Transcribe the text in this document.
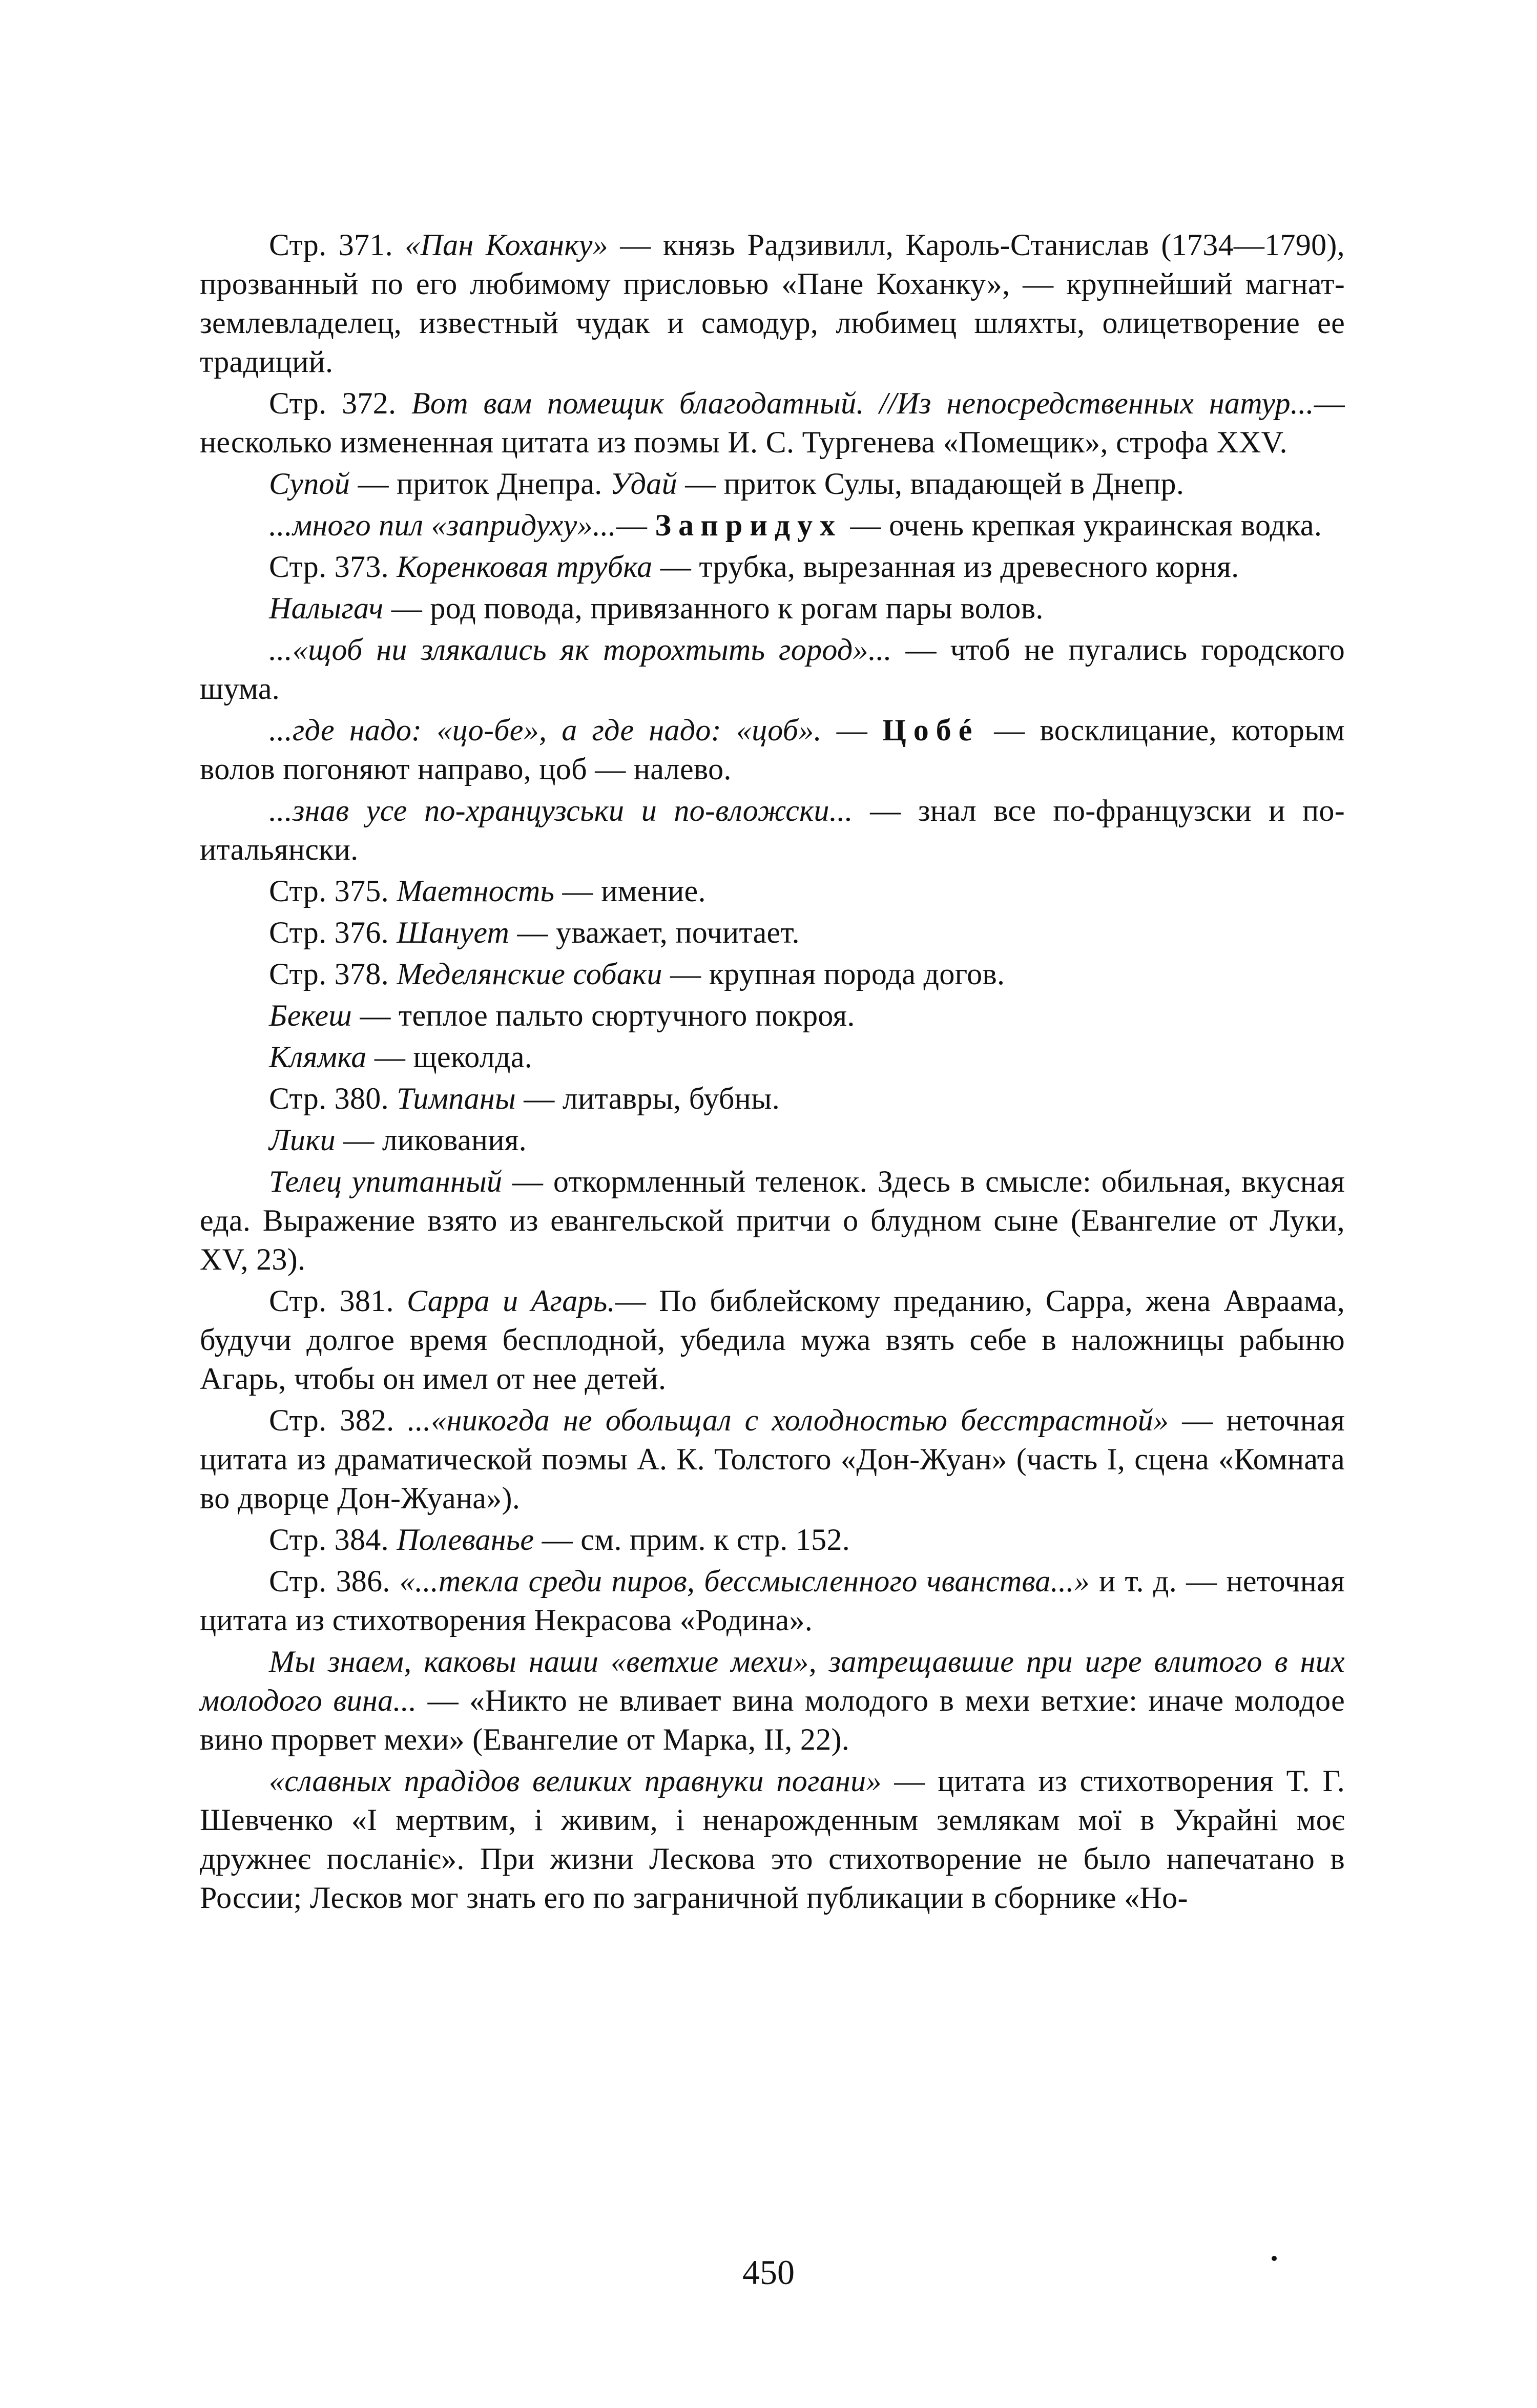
Стр. 371. «Пан Коханку» — князь Радзивилл, Кароль-Станислав (1734—1790), прозванный по его любимому присловью «Пане Коханку», — крупнейший магнат-землевладелец, известный чудак и самодур, любимец шляхты, олицетворение ее традиций.

Стр. 372. Вот вам помещик благодатный. //Из непосредственных натур...— несколько измененная цитата из поэмы И. С. Тургенева «Помещик», строфа XXV.

Супой — приток Днепра. Удай — приток Сулы, впадающей в Днепр.

...много пил «запридуху»...— Запридух — очень крепкая украинская водка.

Стр. 373. Коренковая трубка — трубка, вырезанная из древесного корня.

Налыгач — род повода, привязанного к рогам пары волов.

...«щоб ни злякались як торохтыть город»... — чтоб не пугались городского шума.

...где надо: «цо-бе», а где надо: «цоб». — Цобé — восклицание, которым волов погоняют направо, цоб — налево.

...знав усе по-хранцузськи и по-вложски... — знал все по-французски и по-итальянски.

Стр. 375. Маетность — имение.

Стр. 376. Шанует — уважает, почитает.

Стр. 378. Меделянские собаки — крупная порода догов.

Бекеш — теплое пальто сюртучного покроя.

Клямка — щеколда.

Стр. 380. Тимпаны — литавры, бубны.

Лики — ликования.

Телец упитанный — откормленный теленок. Здесь в смысле: обильная, вкусная еда. Выражение взято из евангельской притчи о блудном сыне (Евангелие от Луки, XV, 23).

Стр. 381. Сарра и Агарь.— По библейскому преданию, Сарра, жена Авраама, будучи долгое время бесплодной, убедила мужа взять себе в наложницы рабыню Агарь, чтобы он имел от нее детей.

Стр. 382. ...«никогда не обольщал с холодностью бесстрастной» — неточная цитата из драматической поэмы А. К. Толстого «Дон-Жуан» (часть I, сцена «Комната во дворце Дон-Жуана»).

Стр. 384. Полеванье — см. прим. к стр. 152.

Стр. 386. «...текла среди пиров, бессмысленного чванства...» и т. д. — неточная цитата из стихотворения Некрасова «Родина».

Мы знаем, каковы наши «ветхие мехи», затрещавшие при игре влитого в них молодого вина... — «Никто не вливает вина молодого в мехи ветхие: иначе молодое вино прорвет мехи» (Евангелие от Марка, II, 22).

«славных прадідов великих правнуки погани» — цитата из стихотворения Т. Г. Шевченко «І мертвим, і живим, і ненарожденным землякам моï в Украйні моє дружнеє посланіє». При жизни Лескова это стихотворение не было напечатано в России; Лесков мог знать его по заграничной публикации в сборнике «Но-

450
